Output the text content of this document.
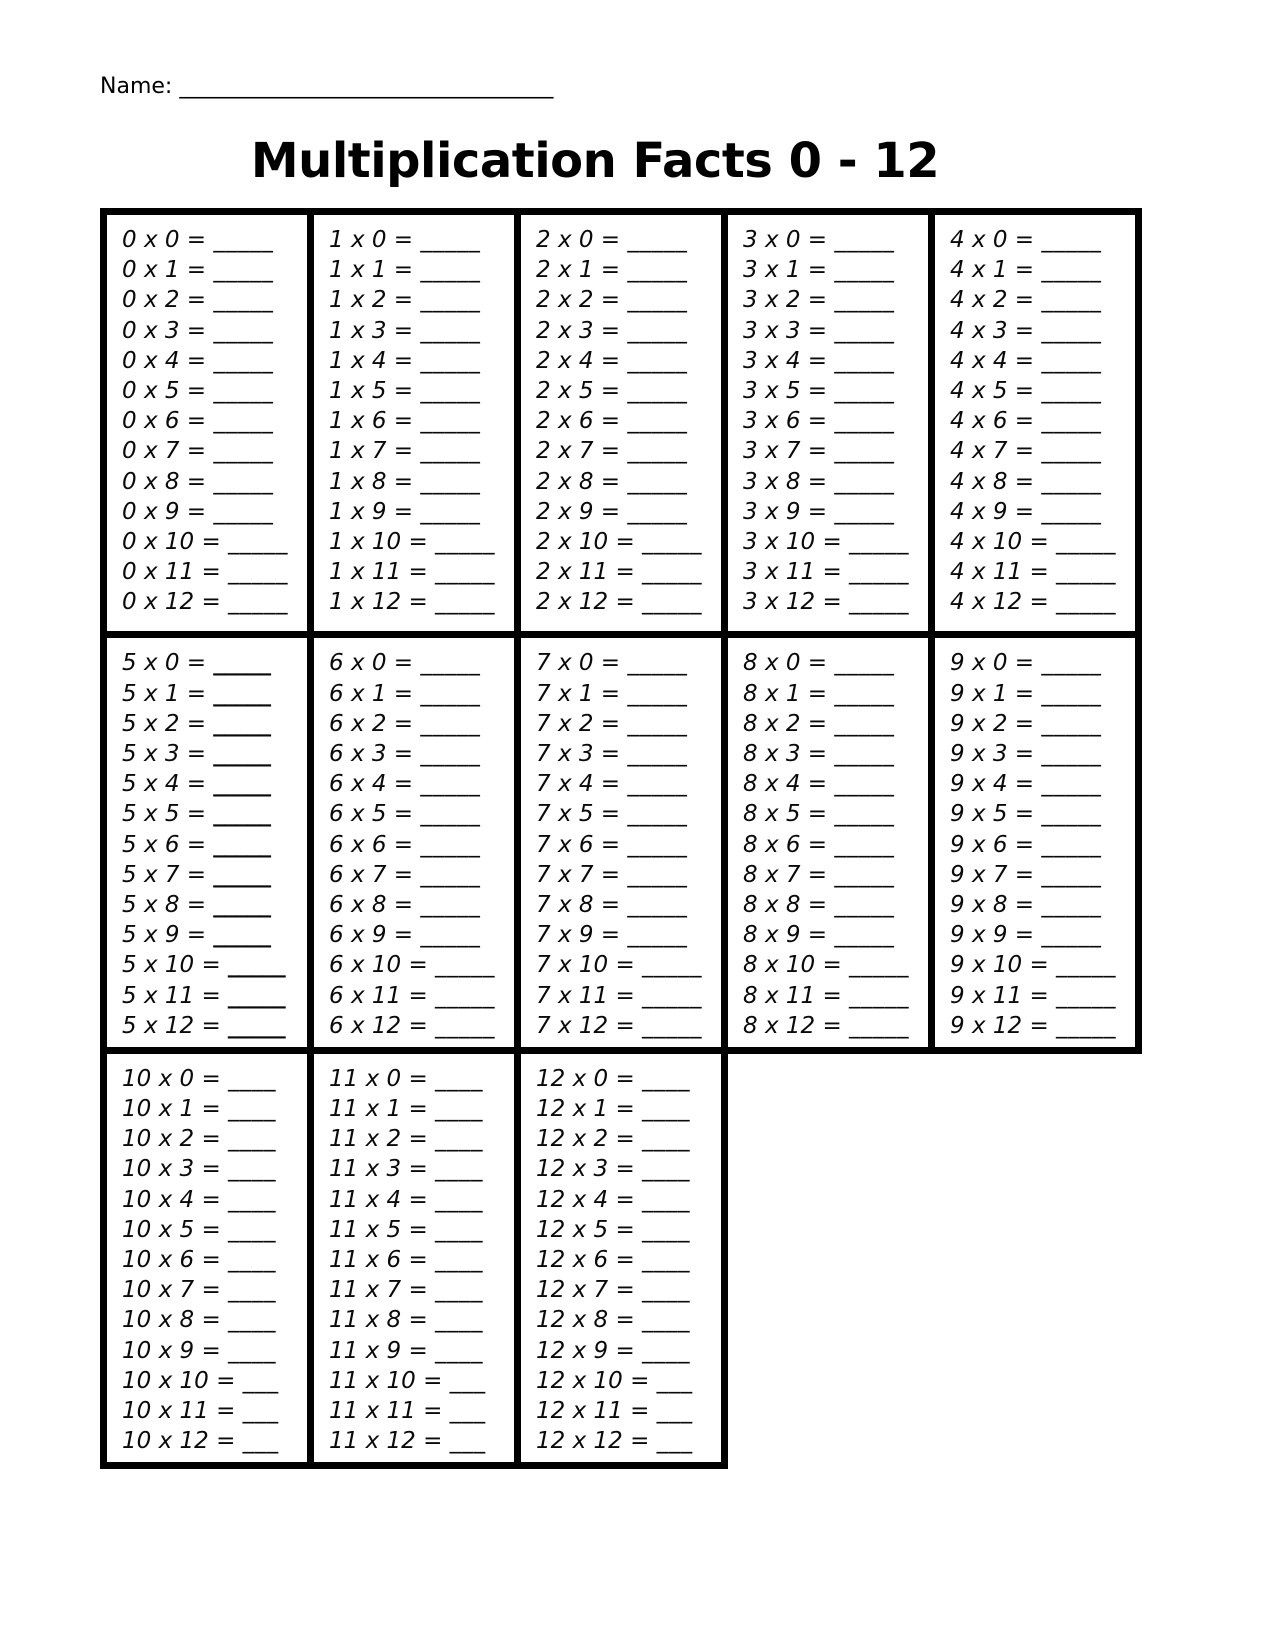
Name: __________________________________
Multiplication Facts 0 - 12
0 x 0 = _____
0 x 1 = _____
0 x 2 = _____
0 x 3 = _____
0 x 4 = _____
0 x 5 = _____
0 x 6 = _____
0 x 7 = _____
0 x 8 = _____
0 x 9 = _____
0 x 10 = _____
0 x 11 = _____
0 x 12 = _____

1 x 0 = _____
1 x 1 = _____
1 x 2 = _____
1 x 3 = _____
1 x 4 = _____
1 x 5 = _____
1 x 6 = _____
1 x 7 = _____
1 x 8 = _____
1 x 9 = _____
1 x 10 = _____
1 x 11 = _____
1 x 12 = _____

2 x 0 = _____
2 x 1 = _____
2 x 2 = _____
2 x 3 = _____
2 x 4 = _____
2 x 5 = _____
2 x 6 = _____
2 x 7 = _____
2 x 8 = _____
2 x 9 = _____
2 x 10 = _____
2 x 11 = _____
2 x 12 = _____

3 x 0 = _____
3 x 1 = _____
3 x 2 = _____
3 x 3 = _____
3 x 4 = _____
3 x 5 = _____
3 x 6 = _____
3 x 7 = _____
3 x 8 = _____
3 x 9 = _____
3 x 10 = _____
3 x 11 = _____
3 x 12 = _____

4 x 0 = _____
4 x 1 = _____
4 x 2 = _____
4 x 3 = _____
4 x 4 = _____
4 x 5 = _____
4 x 6 = _____
4 x 7 = _____
4 x 8 = _____
4 x 9 = _____
4 x 10 = _____
4 x 11 = _____
4 x 12 = _____

5 x 0 = _____
5 x 1 = _____
5 x 2 = _____
5 x 3 = _____
5 x 4 = _____
5 x 5 = _____
5 x 6 = _____
5 x 7 = _____
5 x 8 = _____
5 x 9 = _____
5 x 10 = _____
5 x 11 = _____
5 x 12 = _____

6 x 0 = _____
6 x 1 = _____
6 x 2 = _____
6 x 3 = _____
6 x 4 = _____
6 x 5 = _____
6 x 6 = _____
6 x 7 = _____
6 x 8 = _____
6 x 9 = _____
6 x 10 = _____
6 x 11 = _____
6 x 12 = _____

7 x 0 = _____
7 x 1 = _____
7 x 2 = _____
7 x 3 = _____
7 x 4 = _____
7 x 5 = _____
7 x 6 = _____
7 x 7 = _____
7 x 8 = _____
7 x 9 = _____
7 x 10 = _____
7 x 11 = _____
7 x 12 = _____

8 x 0 = _____
8 x 1 = _____
8 x 2 = _____
8 x 3 = _____
8 x 4 = _____
8 x 5 = _____
8 x 6 = _____
8 x 7 = _____
8 x 8 = _____
8 x 9 = _____
8 x 10 = _____
8 x 11 = _____
8 x 12 = _____

9 x 0 = _____
9 x 1 = _____
9 x 2 = _____
9 x 3 = _____
9 x 4 = _____
9 x 5 = _____
9 x 6 = _____
9 x 7 = _____
9 x 8 = _____
9 x 9 = _____
9 x 10 = _____
9 x 11 = _____
9 x 12 = _____

10 x 0 = ____
10 x 1 = ____
10 x 2 = ____
10 x 3 = ____
10 x 4 = ____
10 x 5 = ____
10 x 6 = ____
10 x 7 = ____
10 x 8 = ____
10 x 9 = ____
10 x 10 = ___
10 x 11 = ___
10 x 12 = ___

11 x 0 = ____
11 x 1 = ____
11 x 2 = ____
11 x 3 = ____
11 x 4 = ____
11 x 5 = ____
11 x 6 = ____
11 x 7 = ____
11 x 8 = ____
11 x 9 = ____
11 x 10 = ___
11 x 11 = ___
11 x 12 = ___

12 x 0 = ____
12 x 1 = ____
12 x 2 = ____
12 x 3 = ____
12 x 4 = ____
12 x 5 = ____
12 x 6 = ____
12 x 7 = ____
12 x 8 = ____
12 x 9 = ____
12 x 10 = ___
12 x 11 = ___
12 x 12 = ___
